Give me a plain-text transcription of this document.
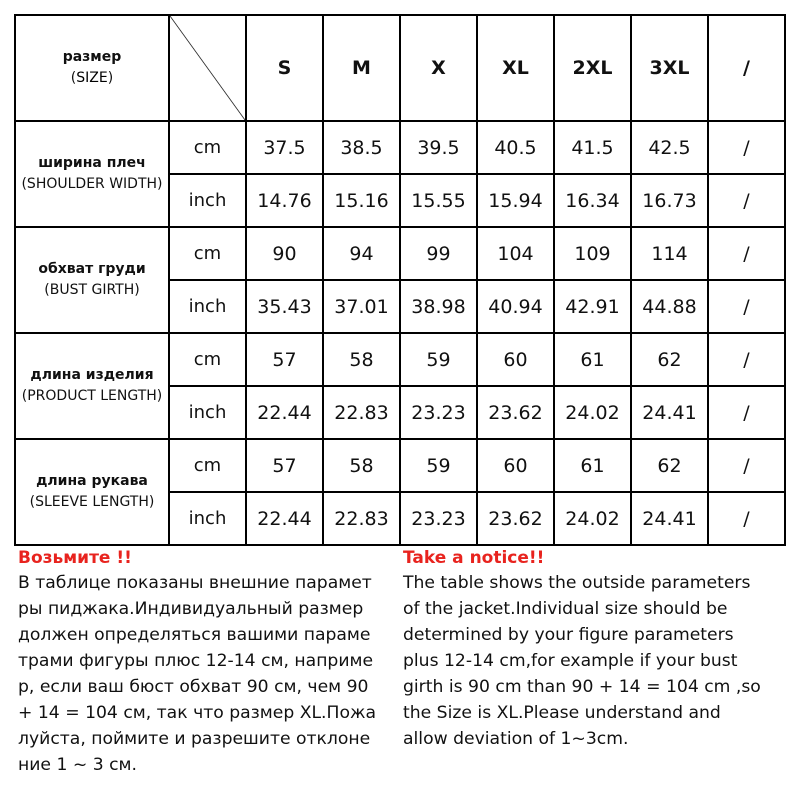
размер
(SIZE)		S	M	X	XL	2XL	3XL	/

ширина плеч
(SHOULDER WIDTH)	cm	37.5	38.5	39.5	40.5	41.5	42.5	/
	inch	14.76	15.16	15.55	15.94	16.34	16.73	/

обхват груди
(BUST GIRTH)	cm	90	94	99	104	109	114	/
	inch	35.43	37.01	38.98	40.94	42.91	44.88	/

длина изделия
(PRODUCT LENGTH)	cm	57	58	59	60	61	62	/
	inch	22.44	22.83	23.23	23.62	24.02	24.41	/

длина рукава
(SLEEVE LENGTH)	cm	57	58	59	60	61	62	/
	inch	22.44	22.83	23.23	23.62	24.02	24.41	/
Возьмите !!
В таблице показаны внешние парамет
ры пиджака.Индивидуальный размер
должен определяться вашими параме
трами фигуры плюс 12-14 см, наприме
р, если ваш бюст обхват 90 см, чем 90
+ 14 = 104 см, так что размер XL.Пожа
луйста, поймите и разрешите отклоне
ние 1 ~ 3 см.
Take a notice!!
The table shows the outside parameters
of the jacket.Individual size should be
determined by your figure parameters
plus 12-14 cm,for example if your bust
girth is 90 cm than 90 + 14 = 104 cm ,so
the Size is XL.Please understand and
allow deviation of 1~3cm.
